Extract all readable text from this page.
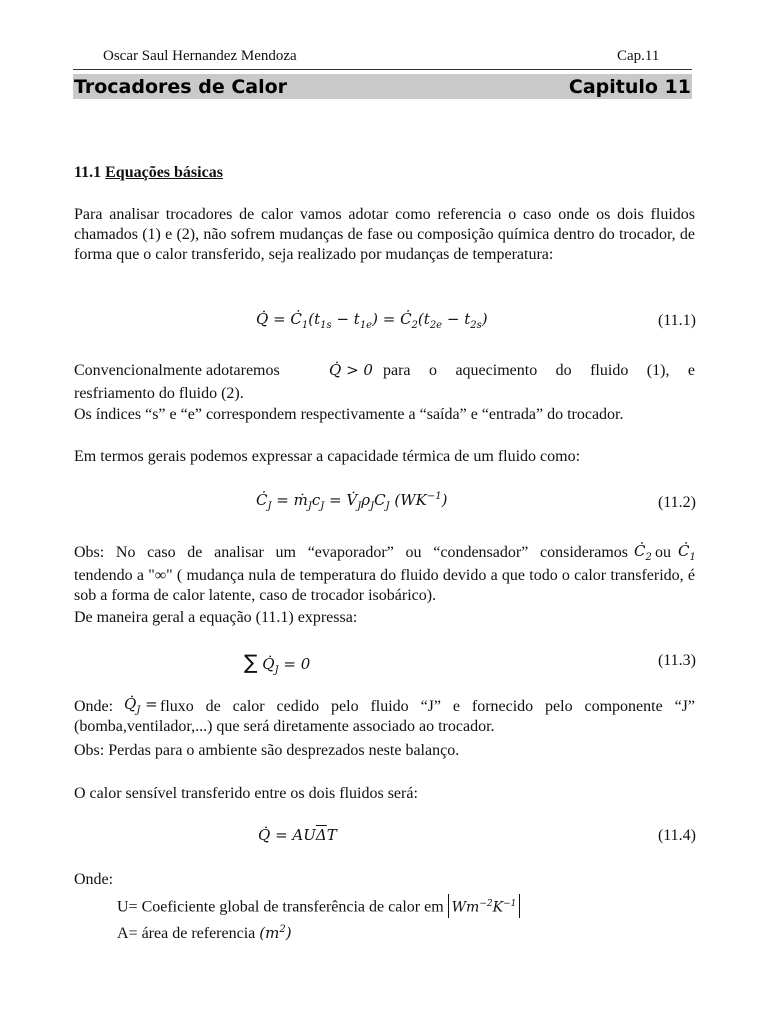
Oscar Saul Hernandez Mendoza	Cap.11
Trocadores de Calor	Capitulo 11
11.1 Equações básicas
Para analisar trocadores de calor vamos adotar como referencia o caso onde os dois fluidos chamados (1) e (2), não sofrem mudanças de fase ou composição química dentro do trocador, de forma que o calor transferido, seja realizado por mudanças de temperatura:
Q̇ = $Ċ_1(t_{1s} - t_{1e})$ = $Ċ_2(t_{2e} - t_{2s})$	(11.1)
Convencionalmente adotaremos	Q̇ > 0 para o aquecimento do fluido (1), e
resfriamento do fluido (2).
Os índices “s” e “e” correspondem respectivamente a “saída” e “entrada” do trocador.
Em termos gerais podemos expressar a capacidade térmica de um fluido como:
$Ċ_J$ = $ṁ_Jc_J$ = $V̇_J\rho_JC_J$ $(WK^{-1})$	(11.2)
Obs: No caso de analisar um “evaporador” ou “condensador” consideramos $Ċ_2$ ou $Ċ_1$
tendendo a "∞" ( mudança nula de temperatura do fluido devido a que todo o calor transferido, é sob a forma de calor latente, caso de trocador isobárico).
De maneira geral a equação (11.1) expressa:
∑ $Q̇_J = 0$	(11.3)
Onde: $Q̇_J$ = fluxo de calor cedido pelo fluido “J” e fornecido pelo componente “J” (bomba,ventilador,...) que será diretamente associado ao trocador.
Obs: Perdas para o ambiente são desprezados neste balanço.
O calor sensível transferido entre os dois fluidos será:
Q̇ = $AU\overline{\Delta}T$	(11.4)
Onde:
U= Coeficiente global de transferência de calor em $Wm^{-2}K^{-1}$
A= área de referencia $(m^2)$
